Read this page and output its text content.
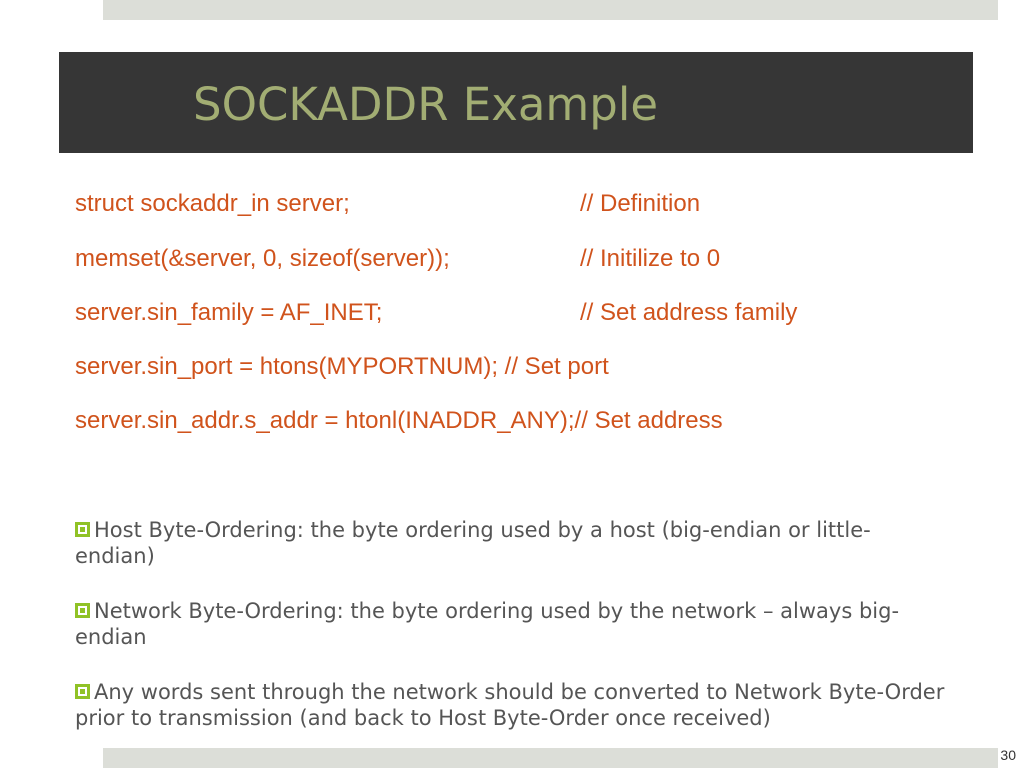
SOCKADDR Example

struct sockaddr_in server;

	// Definition

memset(&server, 0, sizeof(server));

	// Initilize to 0

server.sin_family = AF_INET;

	// Set address family

server.sin_port = htons(MYPORTNUM); // Set port

server.sin_addr.s_addr = htonl(INADDR_ANY);// Set address

Host Byte-Ordering: the byte ordering used by a host (big-endian or little-endian)
Network Byte-Ordering: the byte ordering used by the network – always big-endian
Any words sent through the network should be converted to Network Byte-Order prior to transmission (and back to Host Byte-Order once received)
30
